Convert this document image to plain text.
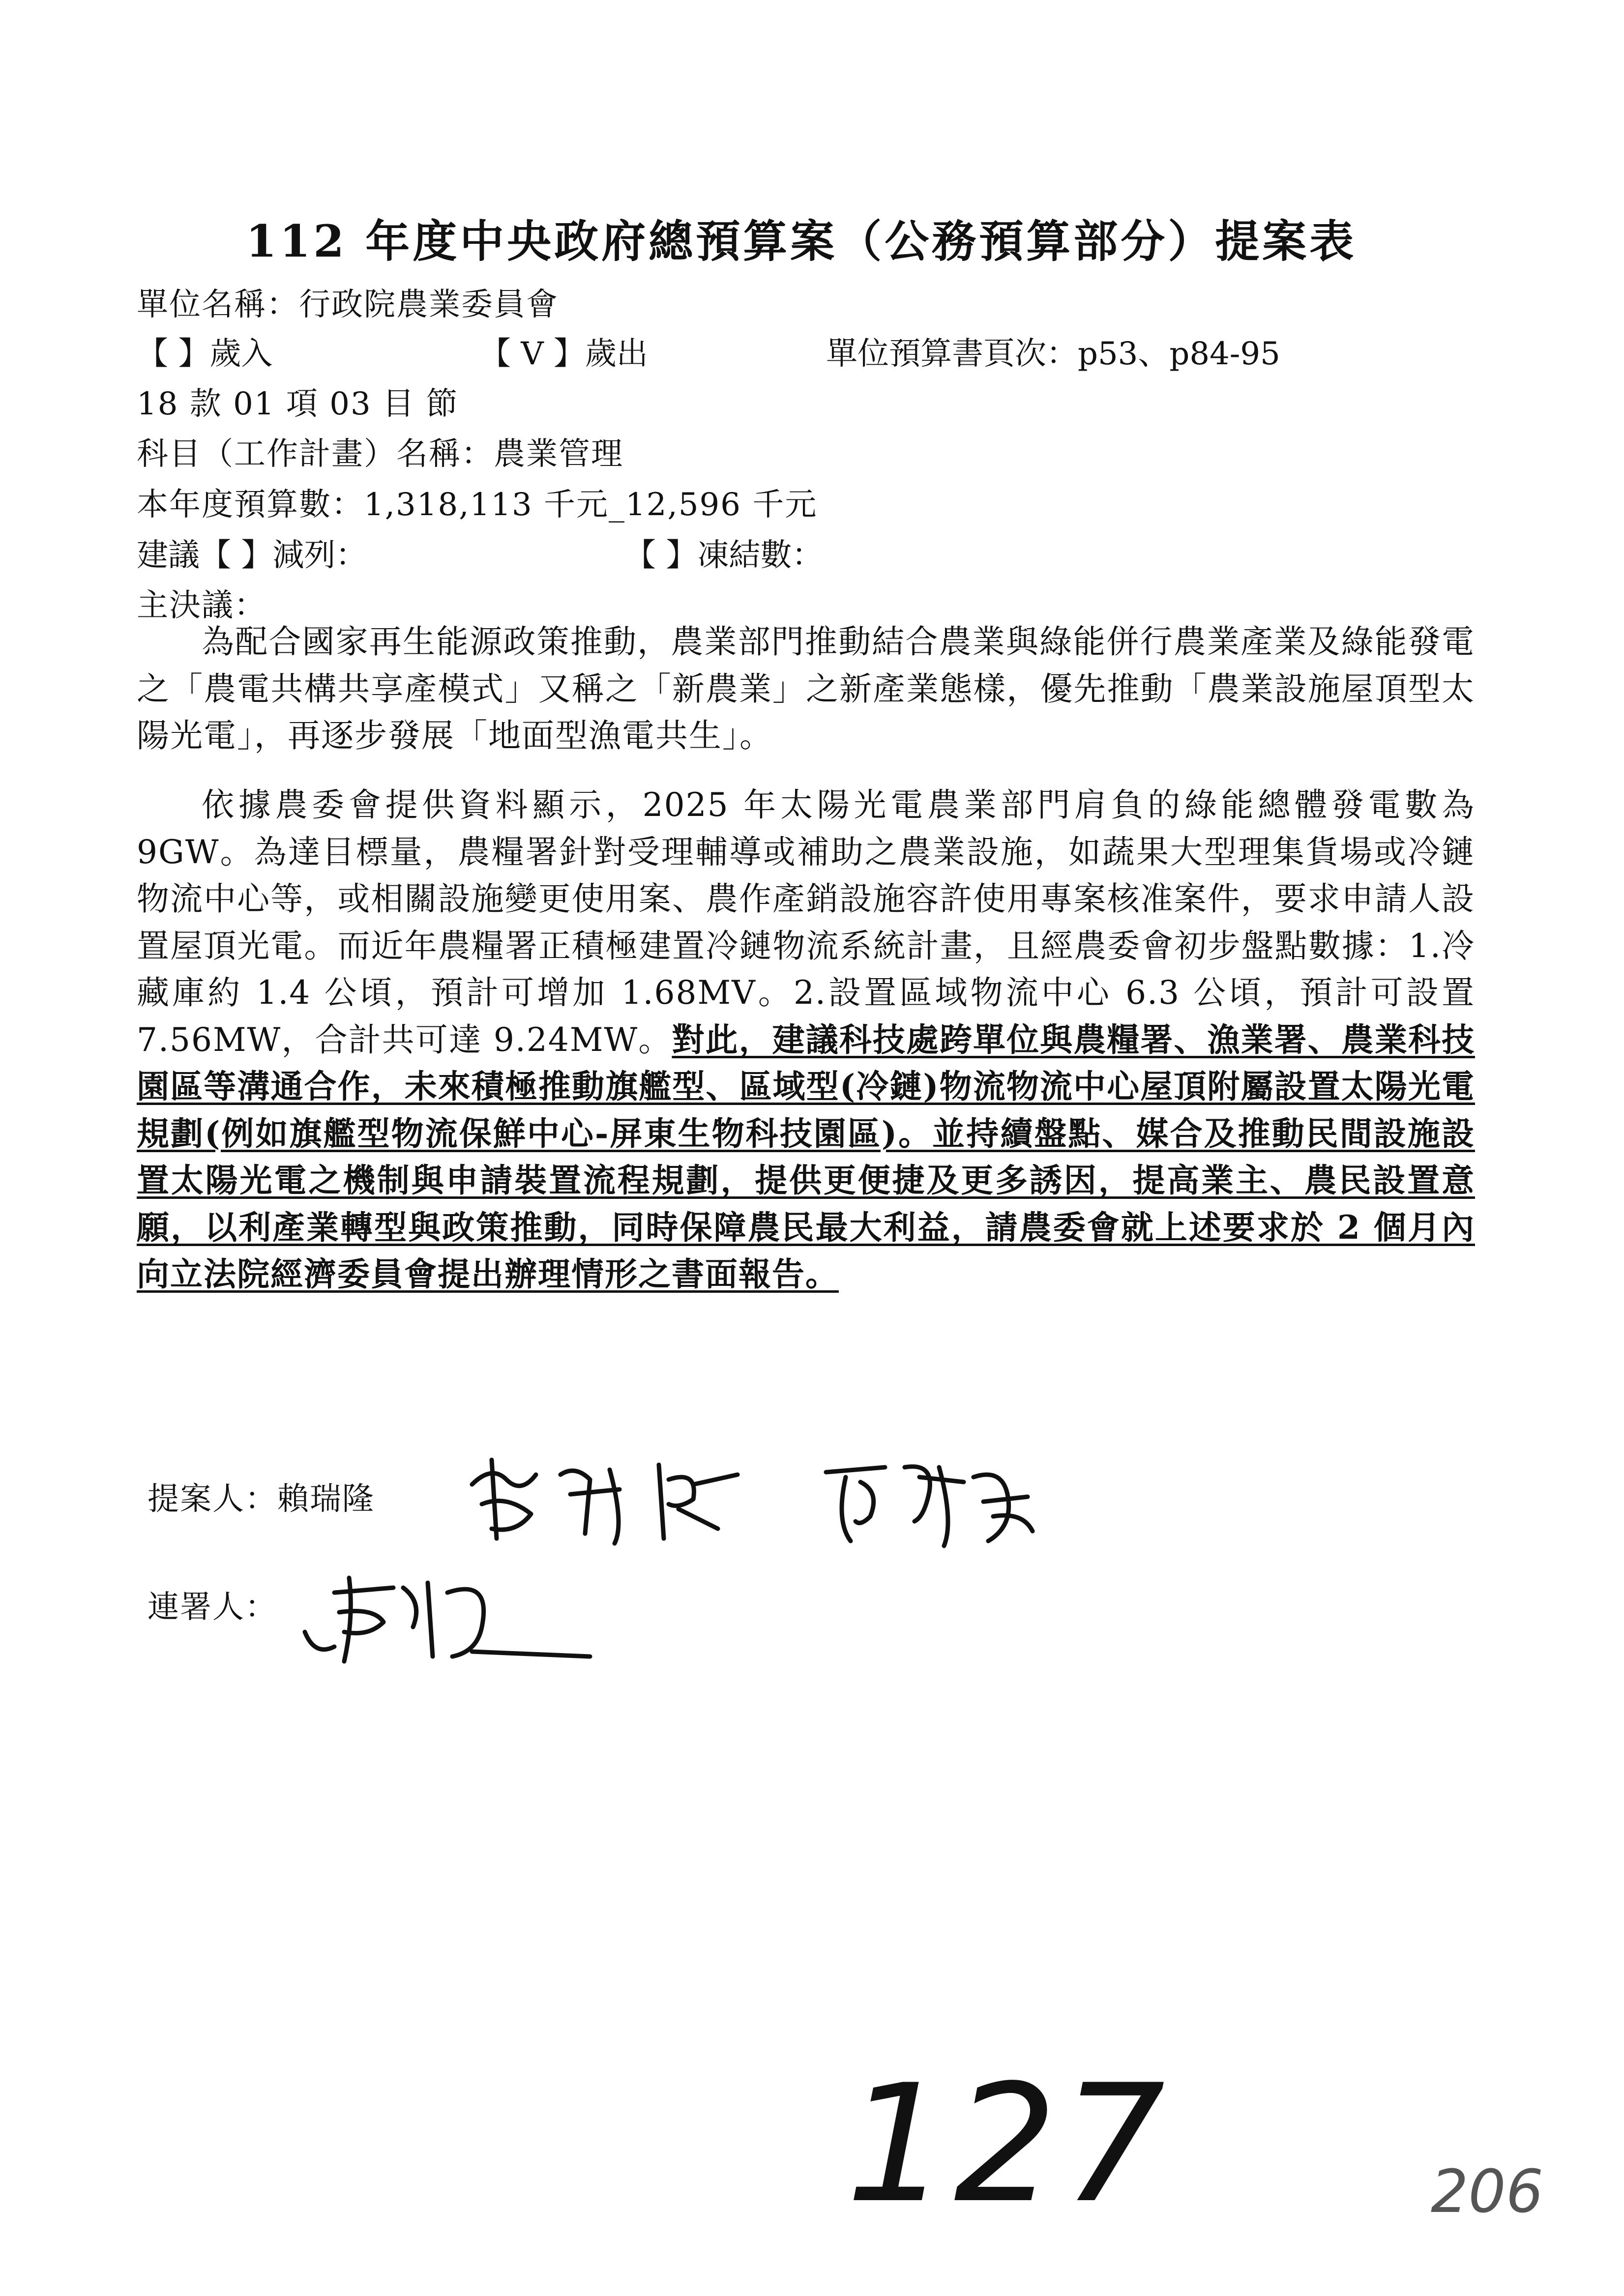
112 年度中央政府總預算案（公務預算部分）提案表
單位名稱：行政院農業委員會
【 】歲入	【 V 】歲出	單位預算書頁次：p53、p84-95
18 款 01 項 03 目 節
科目（工作計畫）名稱：農業管理
本年度預算數：1,318,113 千元_12,596 千元
建議【 】減列：	【 】凍結數：
主決議：
為配合國家再生能源政策推動，農業部門推動結合農業與綠能併行農業產業及綠能發電之「農電共構共享產模式」又稱之「新農業」之新產業態樣，優先推動「農業設施屋頂型太陽光電」，再逐步發展「地面型漁電共生」。
依據農委會提供資料顯示，2025 年太陽光電農業部門肩負的綠能總體發電數為 9GW。為達目標量，農糧署針對受理輔導或補助之農業設施，如蔬果大型理集貨場或冷鏈物流中心等，或相關設施變更使用案、農作產銷設施容許使用專案核准案件，要求申請人設置屋頂光電。而近年農糧署正積極建置冷鏈物流系統計畫，且經農委會初步盤點數據：1.冷藏庫約 1.4 公頃，預計可增加 1.68MV。2.設置區域物流中心 6.3 公頃，預計可設置 7.56MW，合計共可達 9.24MW。對此，建議科技處跨單位與農糧署、漁業署、農業科技園區等溝通合作，未來積極推動旗艦型、區域型(冷鏈)物流物流中心屋頂附屬設置太陽光電規劃(例如旗艦型物流保鮮中心-屏東生物科技園區)。並持續盤點、媒合及推動民間設施設置太陽光電之機制與申請裝置流程規劃，提供更便捷及更多誘因，提高業主、農民設置意願，以利產業轉型與政策推動，同時保障農民最大利益，請農委會就上述要求於 2 個月內向立法院經濟委員會提出辦理情形之書面報告。
提案人：賴瑞隆
連署人：
127	206
